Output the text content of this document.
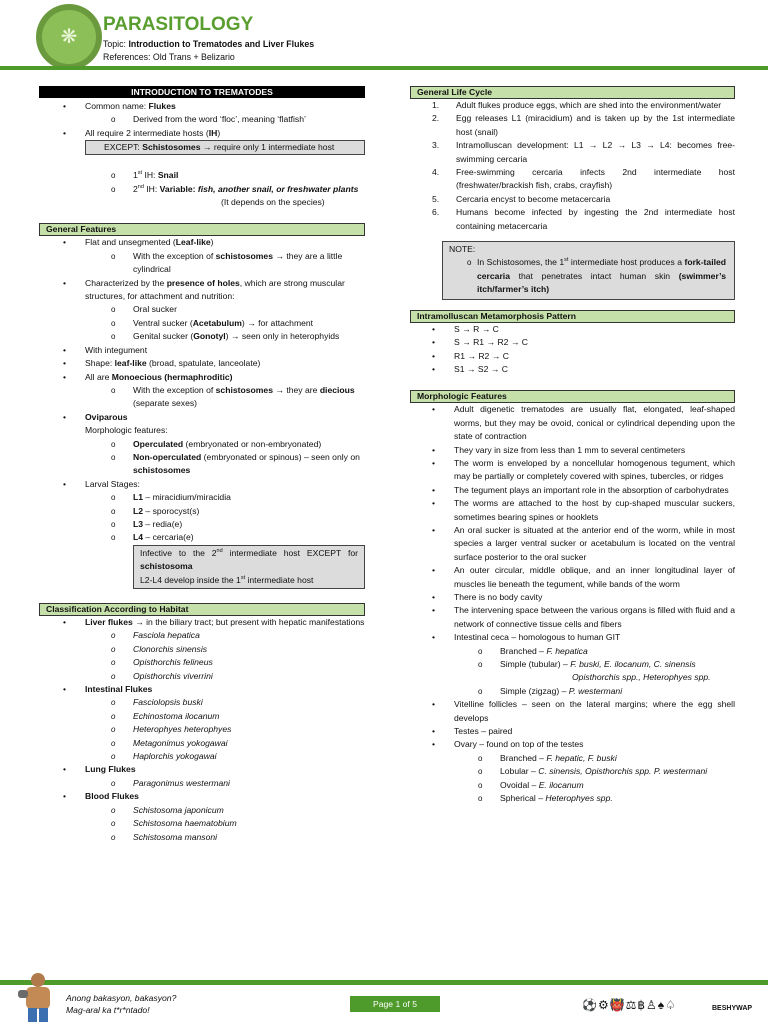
❋
PARASITOLOGY
Topic: Introduction to Trematodes and Liver Flukes
References: Old Trans + Belizario
INTRODUCTION TO TREMATODES
• Common name: Flukes
o Derived from the word ‘floc’, meaning ‘flatfish’
• All require 2 intermediate hosts (IH)
EXCEPT: Schistosomes → require only 1 intermediate host
o 1st IH: Snail
o 2nd IH: Variable: fish, another snail, or freshwater plants
(It depends on the species)
General Features
• Flat and unsegmented (Leaf-like)
o With the exception of schistosomes → they are a little cylindrical
• Characterized by the presence of holes, which are strong muscular structures, for attachment and nutrition:
o Oral sucker
o Ventral sucker (Acetabulum) → for attachment
o Genital sucker (Gonotyl) → seen only in heterophyids
• With integument
• Shape: leaf-like (broad, spatulate, lanceolate)
• All are Monoecious (hermaphroditic)
o With the exception of schistosomes → they are diecious (separate sexes)
• Oviparous
Morphologic features:
o Operculated (embryonated or non-embryonated)
o Non-operculated (embryonated or spinous) – seen only on schistosomes
• Larval Stages:
o L1 – miracidium/miracidia
o L2 – sporocyst(s)
o L3 – redia(e)
o L4 – cercaria(e)
Infective to the 2nd intermediate host EXCEPT for schistosoma
L2-L4 develop inside the 1st intermediate host
Classification According to Habitat
• Liver flukes → in the biliary tract; but present with hepatic manifestations
o Fasciola hepatica
o Clonorchis sinensis
o Opisthorchis felineus
o Opisthorchis viverrini
• Intestinal Flukes
o Fasciolopsis buski
o Echinostoma ilocanum
o Heterophyes heterophyes
o Metagonimus yokogawai
o Haplorchis yokogawai
• Lung Flukes
o Paragonimus westermani
• Blood Flukes
o Schistosoma japonicum
o Schistosoma haematobium
o Schistosoma mansoni
General Life Cycle
1. Adult flukes produce eggs, which are shed into the environment/water
2. Egg releases L1 (miracidium) and is taken up by the 1st intermediate host (snail)
3. Intramolluscan development: L1 → L2 → L3 → L4: becomes free-swimming cercaria
4. Free-swimming cercaria infects 2nd intermediate host (freshwater/brackish fish, crabs, crayfish)
5. Cercaria encyst to become metacercaria
6. Humans become infected by ingesting the 2nd intermediate host containing metacercaria
NOTE:
o In Schistosomes, the 1st intermediate host produces a fork-tailed cercaria that penetrates intact human skin (swimmer’s itch/farmer’s itch)
Intramolluscan Metamorphosis Pattern
• S → R → C
• S → R1 → R2 → C
• R1 → R2 → C
• S1 → S2 → C
Morphologic Features
• Adult digenetic trematodes are usually flat, elongated, leaf-shaped worms, but they may be ovoid, conical or cylindrical depending upon the state of contraction
• They vary in size from less than 1 mm to several centimeters
• The worm is enveloped by a noncellular homogenous tegument, which may be partially or completely covered with spines, tubercles, or ridges
• The tegument plays an important role in the absorption of carbohydrates
• The worms are attached to the host by cup-shaped muscular suckers, sometimes bearing spines or hooklets
• An oral sucker is situated at the anterior end of the worm, while in most species a larger ventral sucker or acetabulum is located on the ventral surface posterior to the oral sucker
• An outer circular, middle oblique, and an inner longitudinal layer of muscles lie beneath the tegument, while bands of the worm
• There is no body cavity
• The intervening space between the various organs is filled with fluid and a network of connective tissue cells and fibers
• Intestinal ceca – homologous to human GIT
o Branched – F. hepatica
o Simple (tubular) – F. buski, E. ilocanum, C. sinensis
Opisthorchis spp., Heterophyes spp.
o Simple (zigzag) – P. westermani
• Vitelline follicles – seen on the lateral margins; where the egg shell develops
• Testes – paired
• Ovary – found on top of the testes
o Branched – F. hepatic, F. buski
o Lobular – C. sinensis, Opisthorchis spp. P. westermani
o Ovoidal – E. ilocanum
o Spherical – Heterophyes spp.
Anong bakasyon, bakasyon?
Mag-aral ka t*r*ntado!
Page 1 of 5	⚽⚙👹⚖฿♙♠♤	BESHYWAP
